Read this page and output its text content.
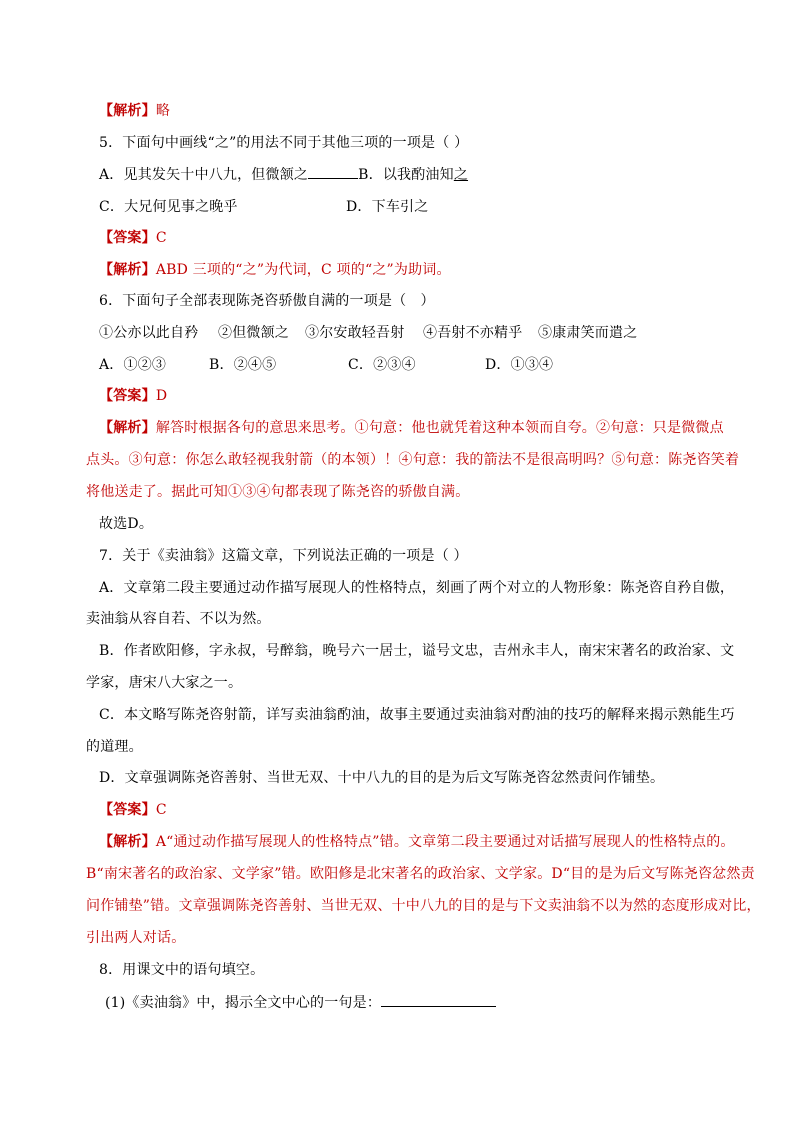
【解析】略
5．下面句中画线“之”的用法不同于其他三项的一项是（ ）
A．见其发矢十中八九，但微颔之	B．以我酌油知之
C．大兄何见事之晚乎	D．下车引之
【答案】C
【解析】ABD 三项的“之”为代词，C 项的“之”为助词。
6．下面句子全部表现陈尧咨骄傲自满的一项是（　）
①公亦以此自矜 ②但微颔之 ③尔安敢轻吾射 ④吾射不亦精乎 ⑤康肃笑而遣之
A．①②③	B．②④⑤	C．②③④	D．①③④
【答案】D
【解析】解答时根据各句的意思来思考。①句意：他也就凭着这种本领而自夸。②句意：只是微微点
点头。③句意：你怎么敢轻视我射箭（的本领）！④句意：我的箭法不是很高明吗？⑤句意：陈尧咨笑着
将他送走了。据此可知①③④句都表现了陈尧咨的骄傲自满。
故选D。
7．关于《卖油翁》这篇文章，下列说法正确的一项是（ ）
A．文章第二段主要通过动作描写展现人的性格特点，刻画了两个对立的人物形象：陈尧咨自矜自傲，
卖油翁从容自若、不以为然。
B．作者欧阳修，字永叔，号醉翁，晚号六一居士，谥号文忠，吉州永丰人，南宋宋著名的政治家、文
学家，唐宋八大家之一。
C．本文略写陈尧咨射箭，详写卖油翁酌油，故事主要通过卖油翁对酌油的技巧的解释来揭示熟能生巧
的道理。
D．文章强调陈尧咨善射、当世无双、十中八九的目的是为后文写陈尧咨忿然责问作铺垫。
【答案】C
【解析】A“通过动作描写展现人的性格特点”错。文章第二段主要通过对话描写展现人的性格特点的。
B“南宋著名的政治家、文学家”错。欧阳修是北宋著名的政治家、文学家。D“目的是为后文写陈尧咨忿然责
问作铺垫”错。文章强调陈尧咨善射、当世无双、十中八九的目的是与下文卖油翁不以为然的态度形成对比，
引出两人对话。
8．用课文中的语句填空。
(1)《卖油翁》中，揭示全文中心的一句是：
